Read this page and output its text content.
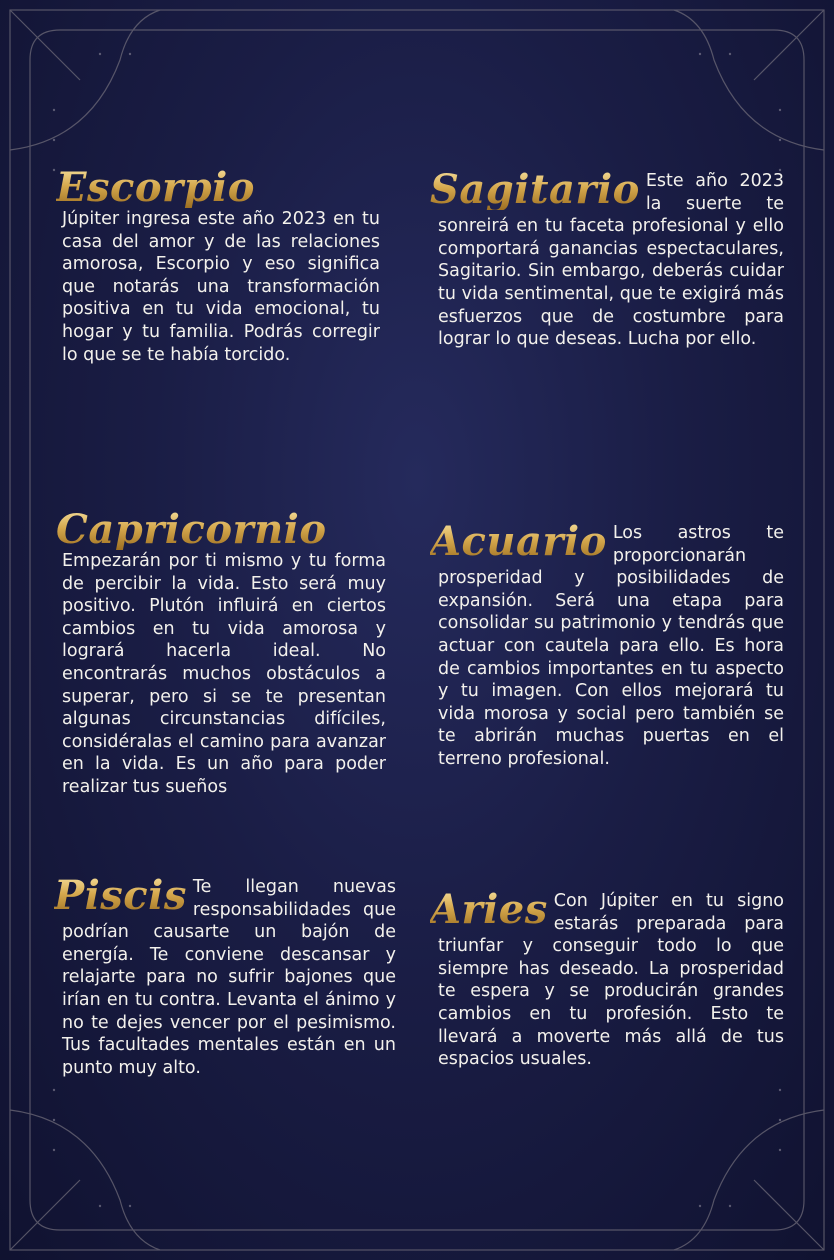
Escorpio
Júpiter ingresa este año 2023 en tu casa del amor y de las relaciones amorosa, Escorpio y eso significa que notarás una transformación positiva en tu vida emocional, tu hogar y tu familia. Podrás corregir lo que se te había torcido.
Sagitario Este año 2023 la suerte te sonreirá en tu faceta profesional y ello comportará ganancias espectaculares, Sagitario. Sin embargo, deberás cuidar tu vida sentimental, que te exigirá más esfuerzos que de costumbre para lograr lo que deseas. Lucha por ello.
Capricornio
Empezarán por ti mismo y tu forma de percibir la vida. Esto será muy positivo. Plutón influirá en ciertos cambios en tu vida amorosa y logrará hacerla ideal. No encontrarás muchos obstáculos a superar, pero si se te presentan algunas circunstancias difíciles, considéralas el camino para avanzar en la vida. Es un año para poder realizar tus sueños
Acuario Los astros te proporcionarán prosperidad y posibilidades de expansión. Será una etapa para consolidar su patrimonio y tendrás que actuar con cautela para ello. Es hora de cambios importantes en tu aspecto y tu imagen. Con ellos mejorará tu vida morosa y social pero también se te abrirán muchas puertas en el terreno profesional.
Piscis Te llegan nuevas responsabilidades que podrían causarte un bajón de energía. Te conviene descansar y relajarte para no sufrir bajones que irían en tu contra. Levanta el ánimo y no te dejes vencer por el pesimismo. Tus facultades mentales están en un punto muy alto.
Aries Con Júpiter en tu signo estarás preparada para triunfar y conseguir todo lo que siempre has deseado. La prosperidad te espera y se producirán grandes cambios en tu profesión. Esto te llevará a moverte más allá de tus espacios usuales.
